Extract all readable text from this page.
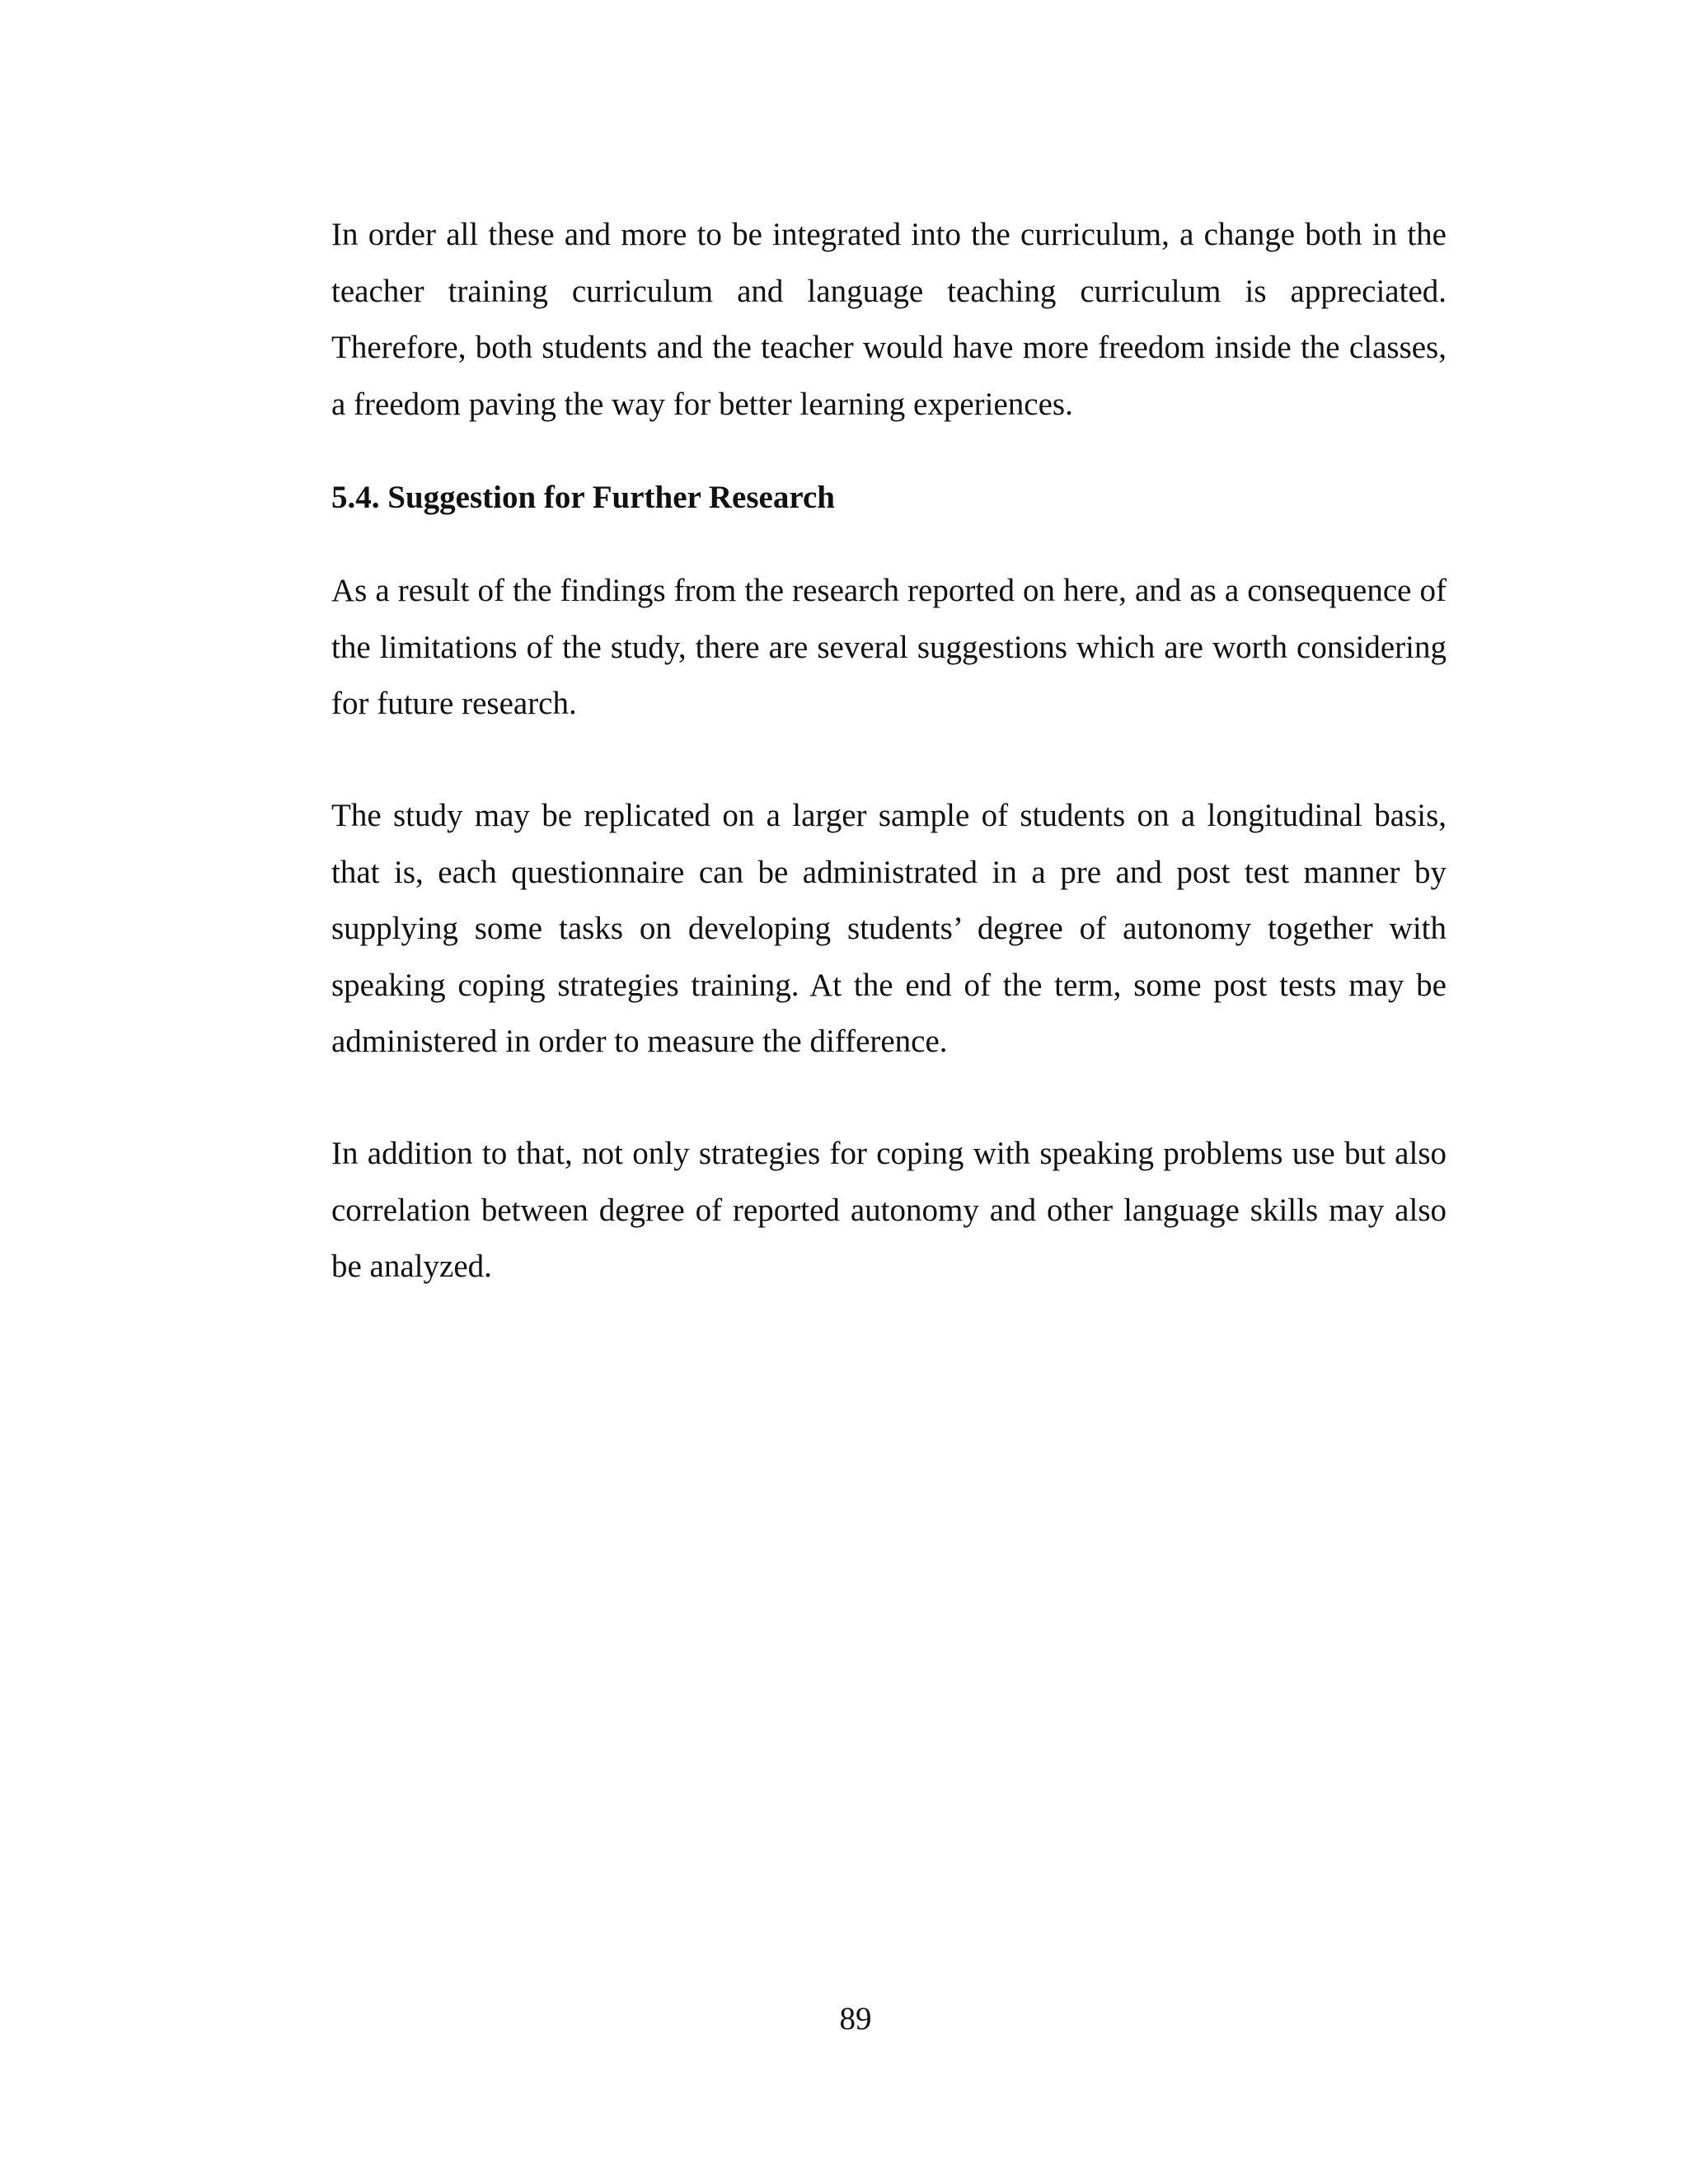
In order all these and more to be integrated into the curriculum, a change both in the teacher training curriculum and language teaching curriculum is appreciated. Therefore, both students and the teacher would have more freedom inside the classes, a freedom paving the way for better learning experiences.

5.4. Suggestion for Further Research

As a result of the findings from the research reported on here, and as a consequence of the limitations of the study, there are several suggestions which are worth considering for future research.

The study may be replicated on a larger sample of students on a longitudinal basis, that is, each questionnaire can be administrated in a pre and post test manner by supplying some tasks on developing students’ degree of autonomy together with speaking coping strategies training. At the end of the term, some post tests may be administered in order to measure the difference.

In addition to that, not only strategies for coping with speaking problems use but also correlation between degree of reported autonomy and other language skills may also be analyzed.

89
